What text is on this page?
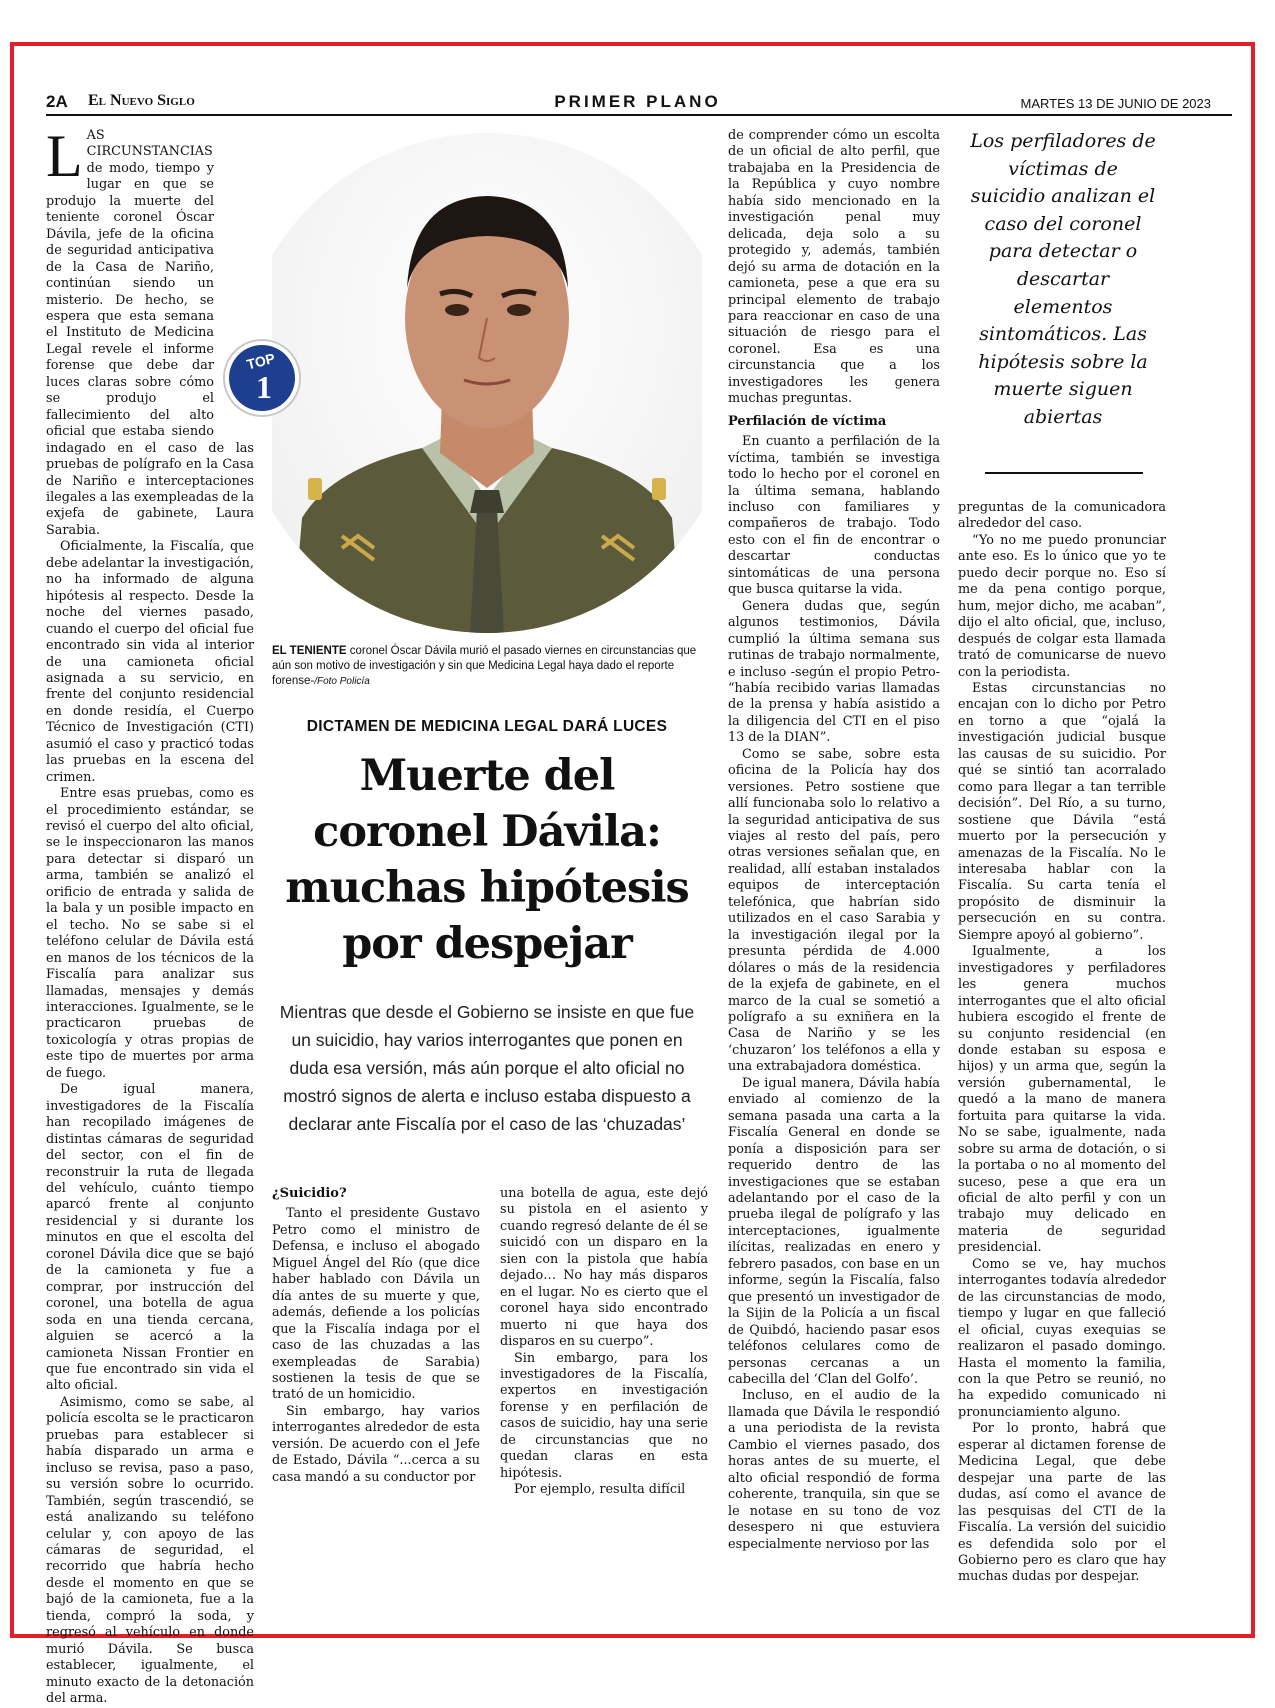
2A El Nuevo Siglo	PRIMER PLANO	MARTES 13 DE JUNIO DE 2023

LAS CIRCUNSTANCIAS de modo, tiempo y lugar en que se produjo la muerte del teniente coronel Óscar Dávila, jefe de la oficina de seguridad anticipativa de la Casa de Nariño, continúan siendo un misterio. De hecho, se espera que esta semana el Instituto de Medicina Legal revele el informe forense que debe dar luces claras sobre cómo se produjo el fallecimiento del alto oficial que estaba siendo indagado en el caso de las pruebas de polígrafo en la Casa de Nariño e interceptaciones ilegales a las exempleadas de la exjefa de gabinete, Laura Sarabia.

Oficialmente, la Fiscalía, que debe adelantar la investigación, no ha informado de alguna hipótesis al respecto. Desde la noche del viernes pasado, cuando el cuerpo del oficial fue encontrado sin vida al interior de una camioneta oficial asignada a su servicio, en frente del conjunto residencial en donde residía, el Cuerpo Técnico de Investigación (CTI) asumió el caso y practicó todas las pruebas en la escena del crimen.

Entre esas pruebas, como es el procedimiento estándar, se revisó el cuerpo del alto oficial, se le inspeccionaron las manos para detectar si disparó un arma, también se analizó el orificio de entrada y salida de la bala y un posible impacto en el techo. No se sabe si el teléfono celular de Dávila está en manos de los técnicos de la Fiscalía para analizar sus llamadas, mensajes y demás interacciones. Igualmente, se le practicaron pruebas de toxicología y otras propias de este tipo de muertes por arma de fuego.

De igual manera, investigadores de la Fiscalía han recopilado imágenes de distintas cámaras de seguridad del sector, con el fin de reconstruir la ruta de llegada del vehículo, cuánto tiempo aparcó frente al conjunto residencial y si durante los minutos en que el escolta del coronel Dávila dice que se bajó de la camioneta y fue a comprar, por instrucción del coronel, una botella de agua soda en una tienda cercana, alguien se acercó a la camioneta Nissan Frontier en que fue encontrado sin vida el alto oficial.

Asimismo, como se sabe, al policía escolta se le practicaron pruebas para establecer si había disparado un arma e incluso se revisa, paso a paso, su versión sobre lo ocurrido. También, según trascendió, se está analizando su teléfono celular y, con apoyo de las cámaras de seguridad, el recorrido que habría hecho desde el momento en que se bajó de la camioneta, fue a la tienda, compró la soda, y regresó al vehículo en donde murió Dávila. Se busca establecer, igualmente, el minuto exacto de la detonación del arma.

TOP
1
EL TENIENTE coronel Óscar Dávila murió el pasado viernes en circunstancias que aún son motivo de investigación y sin que Medicina Legal haya dado el reporte forense-/Foto Policía
DICTAMEN DE MEDICINA LEGAL DARÁ LUCES
Muerte del coronel Dávila: muchas hipótesis por despejar
Mientras que desde el Gobierno se insiste en que fue un suicidio, hay varios interrogantes que ponen en duda esa versión, más aún porque el alto oficial no mostró signos de alerta e incluso estaba dispuesto a declarar ante Fiscalía por el caso de las ‘chuzadas’
¿Suicidio?

Tanto el presidente Gustavo Petro como el ministro de Defensa, e incluso el abogado Miguel Ángel del Río (que dice haber hablado con Dávila un día antes de su muerte y que, además, defiende a los policías que la Fiscalía indaga por el caso de las chuzadas a las exempleadas de Sarabia) sostienen la tesis de que se trató de un homicidio.

Sin embargo, hay varios interrogantes alrededor de esta versión. De acuerdo con el Jefe de Estado, Dávila “...cerca a su casa mandó a su conductor por

una botella de agua, este dejó su pistola en el asiento y cuando regresó delante de él se suicidó con un disparo en la sien con la pistola que había dejado… No hay más disparos en el lugar. No es cierto que el coronel haya sido encontrado muerto ni que haya dos disparos en su cuerpo”.

Sin embargo, para los investigadores de la Fiscalía, expertos en investigación forense y en perfilación de casos de suicidio, hay una serie de circunstancias que no quedan claras en esta hipótesis.

Por ejemplo, resulta difícil

de comprender cómo un escolta de un oficial de alto perfil, que trabajaba en la Presidencia de la República y cuyo nombre había sido mencionado en la investigación penal muy delicada, deja solo a su protegido y, además, también dejó su arma de dotación en la camioneta, pese a que era su principal elemento de trabajo para reaccionar en caso de una situación de riesgo para el coronel. Esa es una circunstancia que a los investigadores les genera muchas preguntas.

Perfilación de víctima

En cuanto a perfilación de la víctima, también se investiga todo lo hecho por el coronel en la última semana, hablando incluso con familiares y compañeros de trabajo. Todo esto con el fin de encontrar o descartar conductas sintomáticas de una persona que busca quitarse la vida.

Genera dudas que, según algunos testimonios, Dávila cumplió la última semana sus rutinas de trabajo normalmente, e incluso -según el propio Petro- “había recibido varias llamadas de la prensa y había asistido a la diligencia del CTI en el piso 13 de la DIAN”.

Como se sabe, sobre esta oficina de la Policía hay dos versiones. Petro sostiene que allí funcionaba solo lo relativo a la seguridad anticipativa de sus viajes al resto del país, pero otras versiones señalan que, en realidad, allí estaban instalados equipos de interceptación telefónica, que habrían sido utilizados en el caso Sarabia y la investigación ilegal por la presunta pérdida de 4.000 dólares o más de la residencia de la exjefa de gabinete, en el marco de la cual se sometió a polígrafo a su exniñera en la Casa de Nariño y se les ‘chuzaron’ los teléfonos a ella y una extrabajadora doméstica.

De igual manera, Dávila había enviado al comienzo de la semana pasada una carta a la Fiscalía General en donde se ponía a disposición para ser requerido dentro de las investigaciones que se estaban adelantando por el caso de la prueba ilegal de polígrafo y las interceptaciones, igualmente ilícitas, realizadas en enero y febrero pasados, con base en un informe, según la Fiscalía, falso que presentó un investigador de la Sijin de la Policía a un fiscal de Quibdó, haciendo pasar esos teléfonos celulares como de personas cercanas a un cabecilla del ‘Clan del Golfo’.

Incluso, en el audio de la llamada que Dávila le respondió a una periodista de la revista Cambio el viernes pasado, dos horas antes de su muerte, el alto oficial respondió de forma coherente, tranquila, sin que se le notase en su tono de voz desespero ni que estuviera especialmente nervioso por las

Los perfiladores de víctimas de suicidio analizan el caso del coronel para detectar o descartar elementos sintomáticos. Las hipótesis sobre la muerte siguen abiertas

preguntas de la comunicadora alrededor del caso.

“Yo no me puedo pronunciar ante eso. Es lo único que yo te puedo decir porque no. Eso sí me da pena contigo porque, hum, mejor dicho, me acaban”, dijo el alto oficial, que, incluso, después de colgar esta llamada trató de comunicarse de nuevo con la periodista.

Estas circunstancias no encajan con lo dicho por Petro en torno a que “ojalá la investigación judicial busque las causas de su suicidio. Por qué se sintió tan acorralado como para llegar a tan terrible decisión”. Del Río, a su turno, sostiene que Dávila “está muerto por la persecución y amenazas de la Fiscalía. No le interesaba hablar con la Fiscalía. Su carta tenía el propósito de disminuir la persecución en su contra. Siempre apoyó al gobierno”.

Igualmente, a los investigadores y perfiladores les genera muchos interrogantes que el alto oficial hubiera escogido el frente de su conjunto residencial (en donde estaban su esposa e hijos) y un arma que, según la versión gubernamental, le quedó a la mano de manera fortuita para quitarse la vida. No se sabe, igualmente, nada sobre su arma de dotación, o si la portaba o no al momento del suceso, pese a que era un oficial de alto perfil y con un trabajo muy delicado en materia de seguridad presidencial.

Como se ve, hay muchos interrogantes todavía alrededor de las circunstancias de modo, tiempo y lugar en que falleció el oficial, cuyas exequias se realizaron el pasado domingo. Hasta el momento la familia, con la que Petro se reunió, no ha expedido comunicado ni pronunciamiento alguno.

Por lo pronto, habrá que esperar al dictamen forense de Medicina Legal, que debe despejar una parte de las dudas, así como el avance de las pesquisas del CTI de la Fiscalía. La versión del suicidio es defendida solo por el Gobierno pero es claro que hay muchas dudas por despejar.
